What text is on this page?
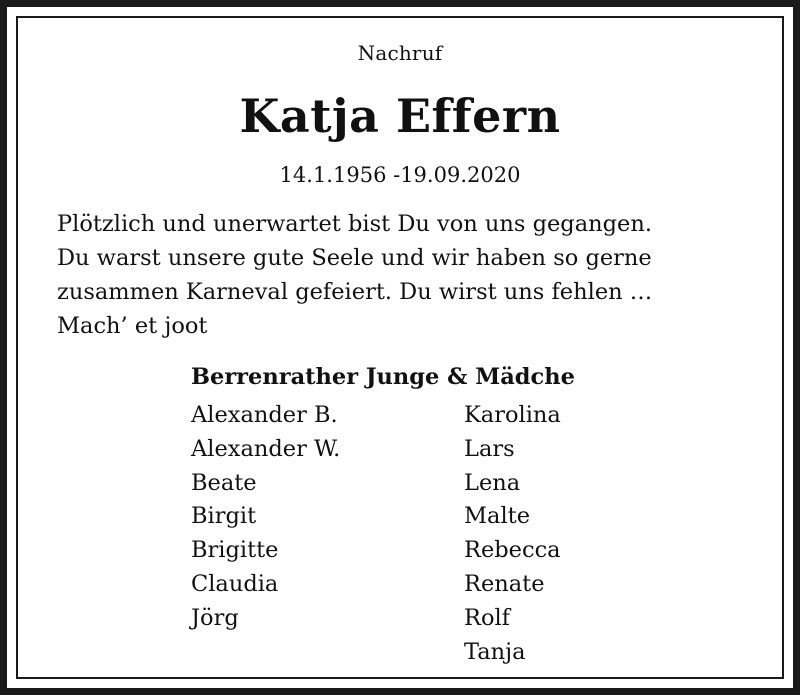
Nachruf
Katja Effern
14.1.1956 -19.09.2020
Plötzlich und unerwartet bist Du von uns gegangen.
Du warst unsere gute Seele und wir haben so gerne
zusammen Karneval gefeiert. Du wirst uns fehlen …
Mach’ et joot
Berrenrather Junge & Mädche
Alexander B.
Alexander W.
Beate
Birgit
Brigitte
Claudia
Jörg
Karolina
Lars
Lena
Malte
Rebecca
Renate
Rolf
Tanja
